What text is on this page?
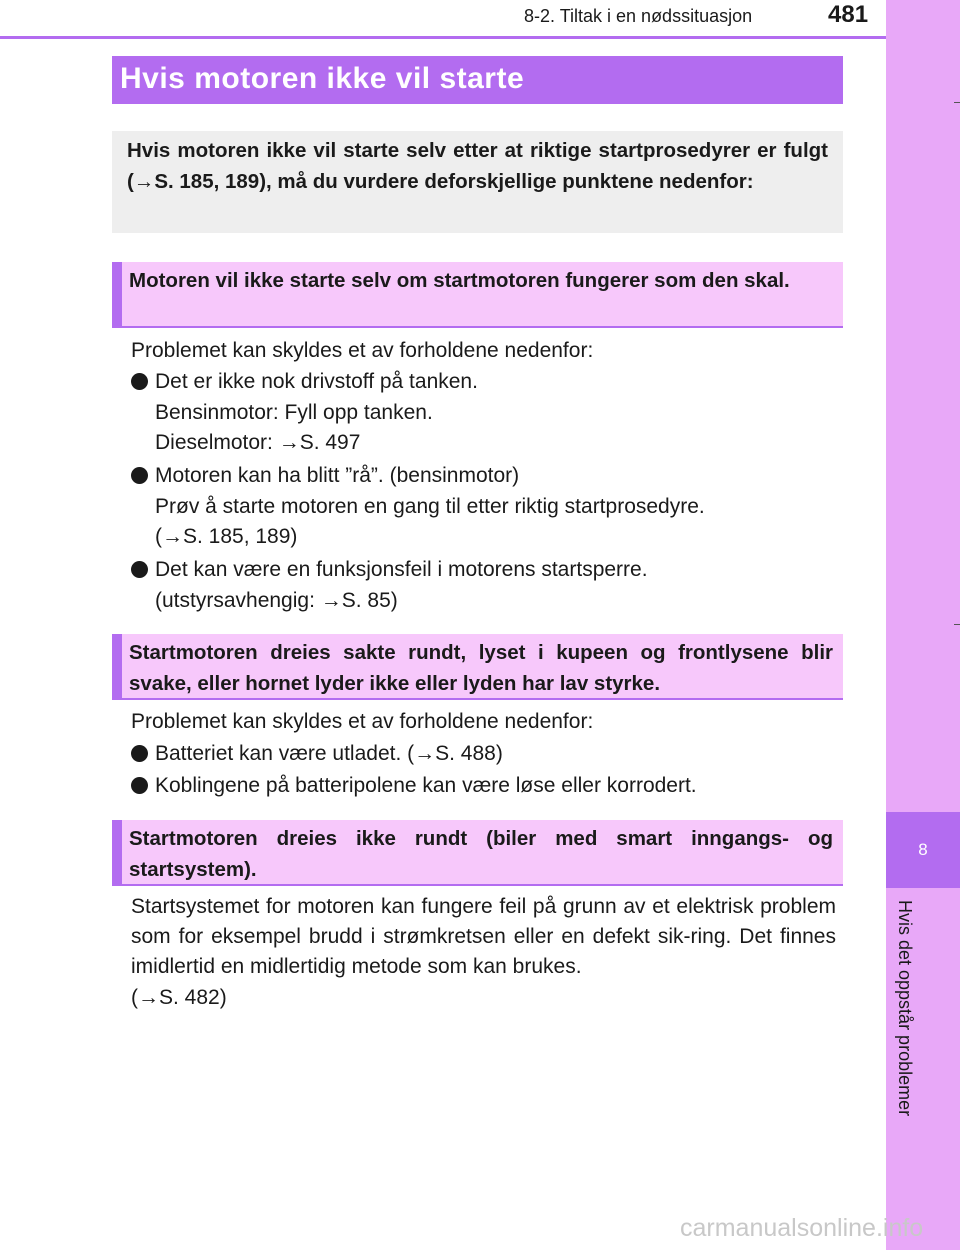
8-2. Tiltak i en nødssituasjon	481
8
Hvis det oppstår problemer
Hvis motoren ikke vil starte
Hvis motoren ikke vil starte selv etter at riktige startprosedyrer er fulgt (→S. 185, 189), må du vurdere deforskjellige punktene nedenfor:
Motoren vil ikke starte selv om startmotoren fungerer som den skal.
Problemet kan skyldes et av forholdene nedenfor:
Det er ikke nok drivstoff på tanken.
Bensinmotor: Fyll opp tanken.
Dieselmotor: →S. 497
Motoren kan ha blitt ”rå”. (bensinmotor)
Prøv å starte motoren en gang til etter riktig startprosedyre.
(→S. 185, 189)
Det kan være en funksjonsfeil i motorens startsperre.
(utstyrsavhengig: →S. 85)
Startmotoren dreies sakte rundt, lyset i kupeen og frontlysene blir svake, eller hornet lyder ikke eller lyden har lav styrke.
Problemet kan skyldes et av forholdene nedenfor:
Batteriet kan være utladet. (→S. 488)
Koblingene på batteripolene kan være løse eller korrodert.
Startmotoren dreies ikke rundt (biler med smart inngangs- og startsystem).
Startsystemet for motoren kan fungere feil på grunn av et elektrisk problem som for eksempel brudd i strømkretsen eller en defekt sik-ring. Det finnes imidlertid en midlertidig metode som kan brukes.
(→S. 482)
carmanualsonline.info
